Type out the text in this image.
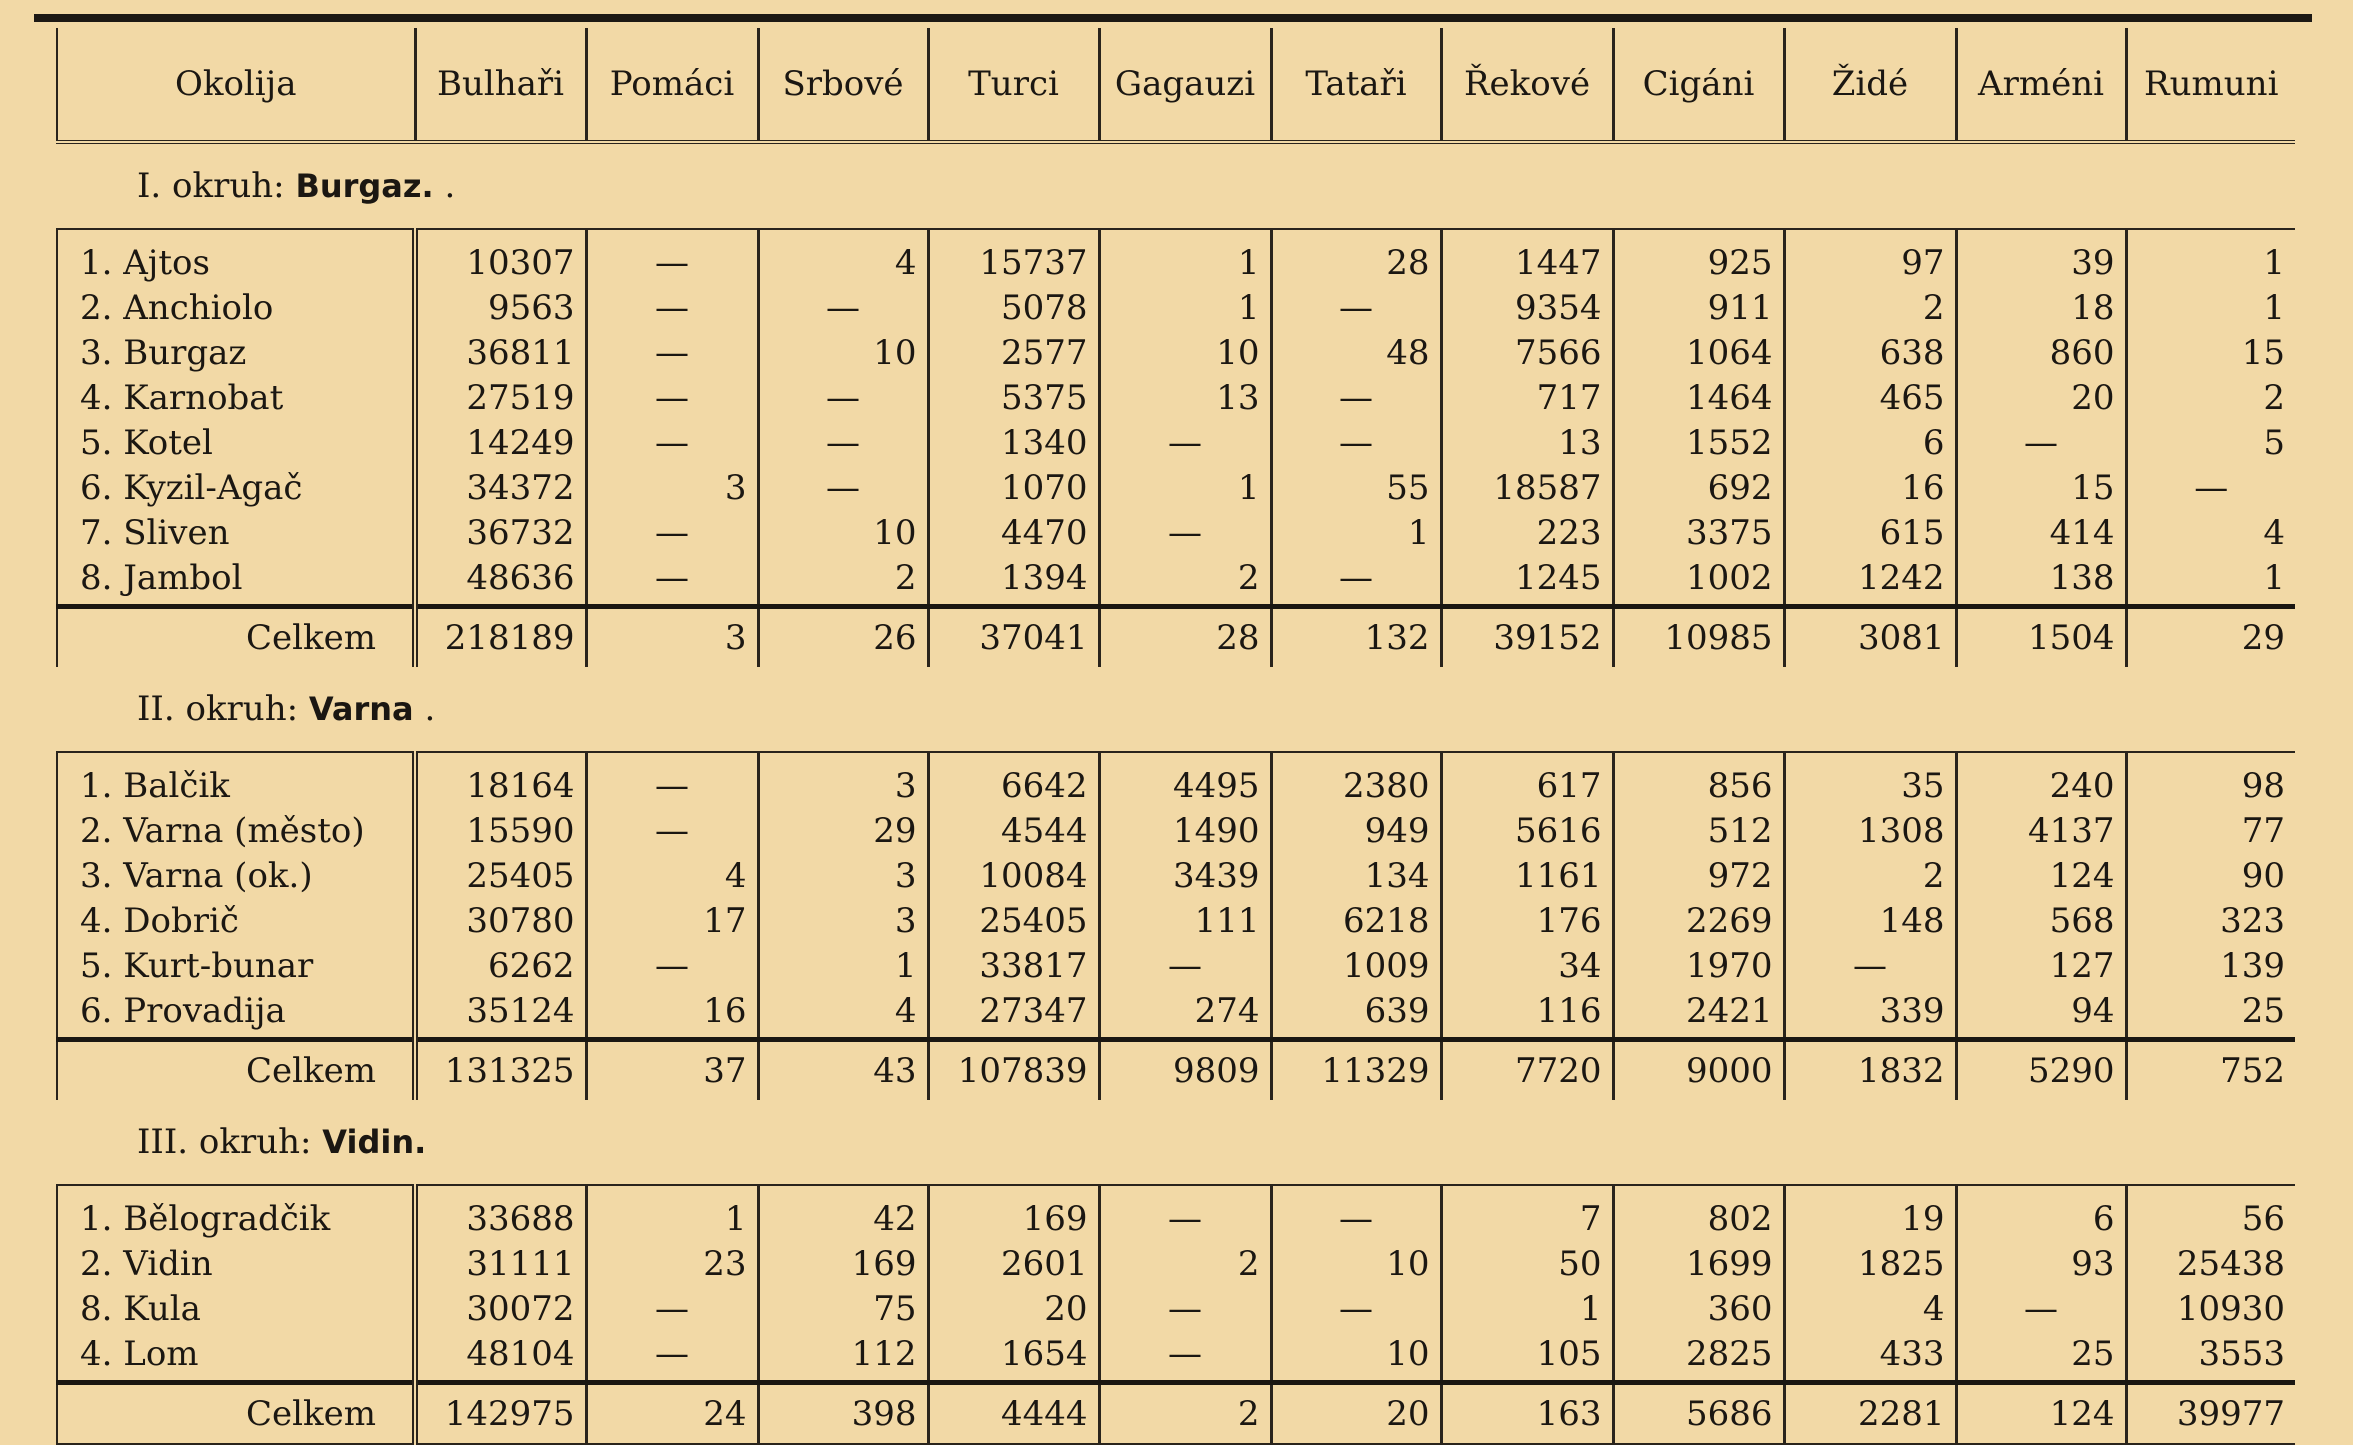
Okolija	Bulhaři	Pomáci	Srbové	Turci	Gagauzi	Tataři	Řekové	Cigáni	Židé	Arméni	Rumuni
I. okruh: Burgaz. .											
1. Ajtos	10307	—	4	15737	1	28	1447	925	97	39	1
2. Anchiolo	9563	—	—	5078	1	—	9354	911	2	18	1
3. Burgaz	36811	—	10	2577	10	48	7566	1064	638	860	15
4. Karnobat	27519	—	—	5375	13	—	717	1464	465	20	2
5. Kotel	14249	—	—	1340	—	—	13	1552	6	—	5
6. Kyzil-Agač	34372	3	—	1070	1	55	18587	692	16	15	—
7. Sliven	36732	—	10	4470	—	1	223	3375	615	414	4
8. Jambol	48636	—	2	1394	2	—	1245	1002	1242	138	1
Celkem	218189	3	26	37041	28	132	39152	10985	3081	1504	29
II. okruh: Varna .											
1. Balčik	18164	—	3	6642	4495	2380	617	856	35	240	98
2. Varna (město)	15590	—	29	4544	1490	949	5616	512	1308	4137	77
3. Varna (ok.)	25405	4	3	10084	3439	134	1161	972	2	124	90
4. Dobrič	30780	17	3	25405	111	6218	176	2269	148	568	323
5. Kurt-bunar	6262	—	1	33817	—	1009	34	1970	—	127	139
6. Provadija	35124	16	4	27347	274	639	116	2421	339	94	25
Celkem	131325	37	43	107839	9809	11329	7720	9000	1832	5290	752
III. okruh: Vidin.											
1. Bělogradčik	33688	1	42	169	—	—	7	802	19	6	56
2. Vidin	31111	23	169	2601	2	10	50	1699	1825	93	25438
8. Kula	30072	—	75	20	—	—	1	360	4	—	10930
4. Lom	48104	—	112	1654	—	10	105	2825	433	25	3553
Celkem	142975	24	398	4444	2	20	163	5686	2281	124	39977
